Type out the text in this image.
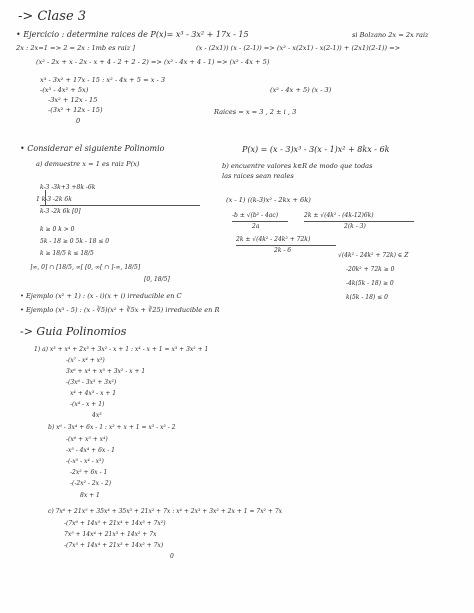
-> Clase 3
• Ejercicio : determine raices de P(x)= x³ - 3x² + 17x - 15	si Bolzano 2x = 2x raiz
2x : 2x=1 => 2 = 2x : 1mb es raiz ]	(x - (2x1)) (x - (2-1)) => (x² - x(2x1) - x(2-1)) + (2x1)(2-1)) =>
(x² - 2x + x - 2x - x + 4 - 2 + 2 - 2) => (x² - 4x + 4 - 1) => (x² - 4x + 5)
x³ - 3x² + 17x - 15 : x² - 4x + 5 = x - 3
-(x³ - 4x² + 5x)
-3x² + 12x - 15
-(3x² + 12x - 15)
0
(x² - 4x + 5) (x - 3)
Raices = x = 3 , 2 ± i , 3
• Considerar el siguiente Polinomio	P(x) = (x - 3)x³ - 3(x - 1)x² + 8kx - 6k
a) demuestre x = 1 es raiz P(x)	b) encuentre valores k∈R de modo que todas
las raices sean reales
k-3 -3k+3 +8k -6k
1 k-3 -2k 6k
k-3 -2k 6k [0]
(x - 1) ((k-3)x² - 2kx + 6k)
-b ± √(b² - 4ac)
2a
2k ± √(4k² - (4k-12)6k)
2(k - 3)
2k ± √(4k² - 24k² + 72k)
2k - 6
√(4k² - 24k² + 72k) ∈ Z
-20k² + 72k ≥ 0
-4k(5k - 18) ≥ 0
k(5k - 18) ≤ 0
k ≥ 0 k > 0
5k - 18 ≥ 0 5k - 18 ≤ 0
k ≥ 18/5 k ≤ 18/5
]∞, 0] ∩ [18/5, ∞[ [0, ∞[ ∩ ]-∞, 18/5]
[0, 18/5]
• Ejemplo (x² + 1) : (x - i)(x + i) irreducible en C
• Ejemplo (x³ - 5) : (x - ∛5)(x² + ∛5x + ∛25) irreducible en R
-> Guia Polinomios
1) a) x³ + x⁴ + 2x³ + 3x² - x + 1 : x⁴ - x + 1 = x³ + 3x² + 1
-(x⁷ - x⁴ + x³)
3x⁶ + x⁴ + x³ + 3x² - x + 1
-(3x⁶ - 3x³ + 3x²)
x⁴ + 4x³ - x + 1
-(x⁴ - x + 1)
4x³
b) x⁶ - 3x⁴ + 6x - 1 : x² + x + 1 = x³ - x² - 2
-(x⁶ + x⁵ + x⁴)
-x⁵ - 4x⁴ + 6x - 1
-(-x⁵ - x⁴ - x³)
-2x² + 6x - 1
-(-2x² - 2x - 2)
8x + 1
c) 7x⁶ + 21x⁵ + 35x⁴ + 35x³ + 21x² + 7x : x⁴ + 2x³ + 3x² + 2x + 1 = 7x² + 7x
-(7x⁶ + 14x⁵ + 21x⁴ + 14x³ + 7x²)
7x⁵ + 14x⁴ + 21x³ + 14x² + 7x
-(7x⁵ + 14x⁴ + 21x³ + 14x² + 7x)
0
